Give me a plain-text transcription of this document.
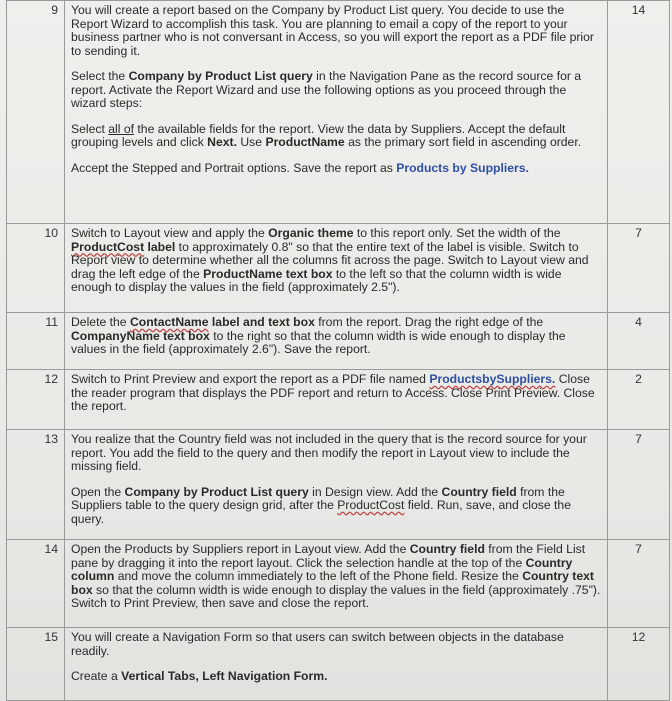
9	You will create a report based on the Company by Product List query. You decide to use the Report Wizard to accomplish this task. You are planning to email a copy of the report to your business partner who is not conversant in Access, so you will export the report as a PDF file prior to sending it.

Select the Company by Product List query in the Navigation Pane as the record source for a report. Activate the Report Wizard and use the following options as you proceed through the wizard steps:

Select all of the available fields for the report. View the data by Suppliers. Accept the default grouping levels and click Next. Use ProductName as the primary sort field in ascending order.

Accept the Stepped and Portrait options. Save the report as Products by Suppliers.	14
10	Switch to Layout view and apply the Organic theme to this report only. Set the width of the ProductCost label to approximately 0.8" so that the entire text of the label is visible. Switch to Report view to determine whether all the columns fit across the page. Switch to Layout view and drag the left edge of the ProductName text box to the left so that the column width is wide enough to display the values in the field (approximately 2.5").	7
11	Delete the ContactName label and text box from the report. Drag the right edge of the CompanyName text box to the right so that the column width is wide enough to display the values in the field (approximately 2.6"). Save the report.	4
12	Switch to Print Preview and export the report as a PDF file named ProductsbySuppliers. Close the reader program that displays the PDF report and return to Access. Close Print Preview. Close the report.	2
13	You realize that the Country field was not included in the query that is the record source for your report. You add the field to the query and then modify the report in Layout view to include the missing field.

Open the Company by Product List query in Design view. Add the Country field from the Suppliers table to the query design grid, after the ProductCost field. Run, save, and close the query.	7
14	Open the Products by Suppliers report in Layout view. Add the Country field from the Field List pane by dragging it into the report layout. Click the selection handle at the top of the Country column and move the column immediately to the left of the Phone field. Resize the Country text box so that the column width is wide enough to display the values in the field (approximately .75"). Switch to Print Preview, then save and close the report.	7
15	You will create a Navigation Form so that users can switch between objects in the database readily.

Create a Vertical Tabs, Left Navigation Form.	12
